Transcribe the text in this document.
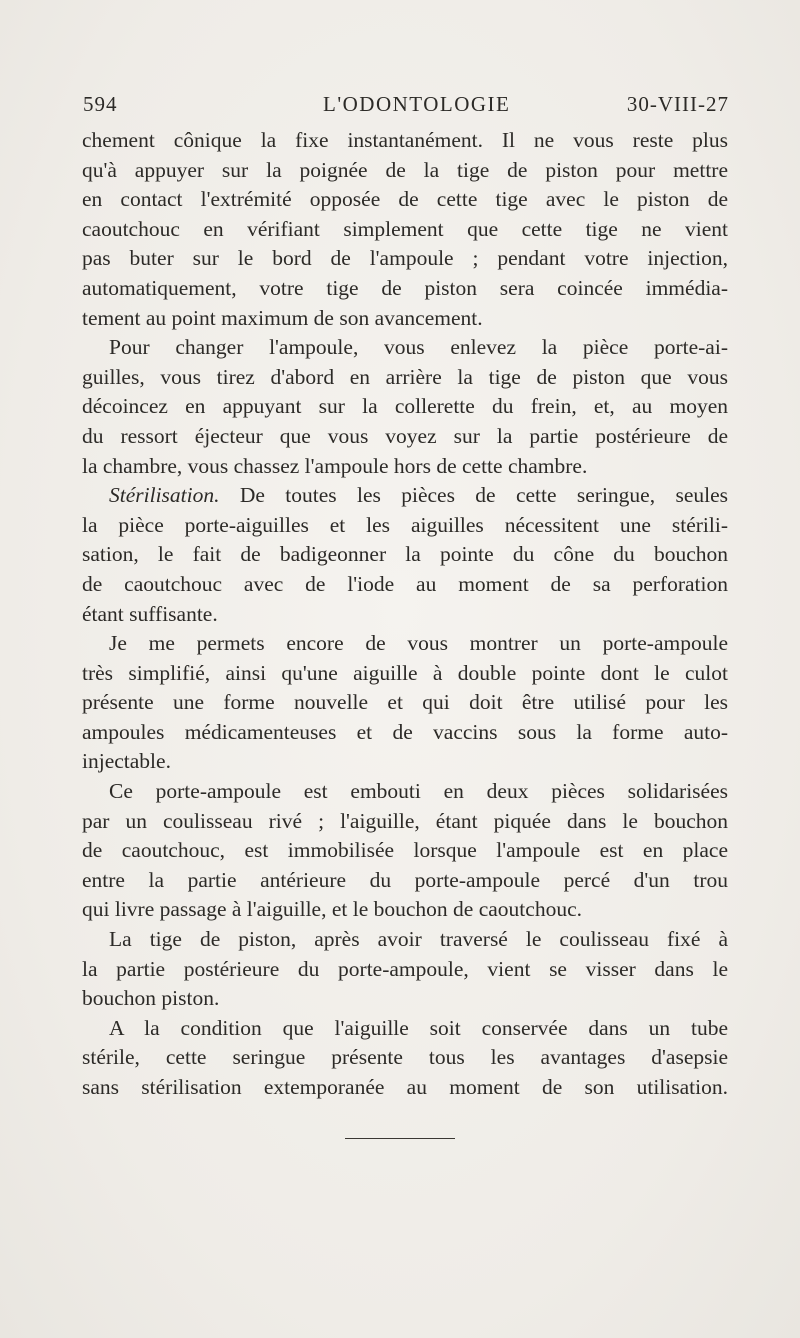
594	L'ODONTOLOGIE	30-VIII-27
chement cônique la fixe instantanément. Il ne vous reste plus
qu'à appuyer sur la poignée de la tige de piston pour mettre
en contact l'extrémité opposée de cette tige avec le piston de
caoutchouc en vérifiant simplement que cette tige ne vient
pas buter sur le bord de l'ampoule ; pendant votre injection,
automatiquement, votre tige de piston sera coincée immédia-
tement au point maximum de son avancement.
Pour changer l'ampoule, vous enlevez la pièce porte-ai-
guilles, vous tirez d'abord en arrière la tige de piston que vous
décoincez en appuyant sur la collerette du frein, et, au moyen
du ressort éjecteur que vous voyez sur la partie postérieure de
la chambre, vous chassez l'ampoule hors de cette chambre.
Stérilisation. De toutes les pièces de cette seringue, seules
la pièce porte-aiguilles et les aiguilles nécessitent une stérili-
sation, le fait de badigeonner la pointe du cône du bouchon
de caoutchouc avec de l'iode au moment de sa perforation
étant suffisante.
Je me permets encore de vous montrer un porte-ampoule
très simplifié, ainsi qu'une aiguille à double pointe dont le culot
présente une forme nouvelle et qui doit être utilisé pour les
ampoules médicamenteuses et de vaccins sous la forme auto-
injectable.
Ce porte-ampoule est embouti en deux pièces solidarisées
par un coulisseau rivé ; l'aiguille, étant piquée dans le bouchon
de caoutchouc, est immobilisée lorsque l'ampoule est en place
entre la partie antérieure du porte-ampoule percé d'un trou
qui livre passage à l'aiguille, et le bouchon de caoutchouc.
La tige de piston, après avoir traversé le coulisseau fixé à
la partie postérieure du porte-ampoule, vient se visser dans le
bouchon piston.
A la condition que l'aiguille soit conservée dans un tube
stérile, cette seringue présente tous les avantages d'asepsie
sans stérilisation extemporanée au moment de son utilisation.
